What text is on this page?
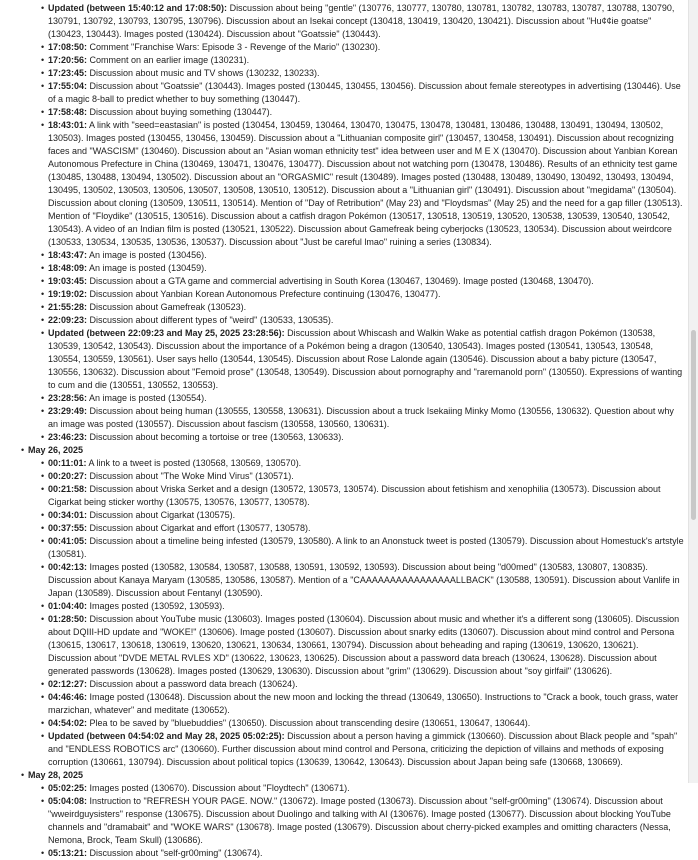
• Updated (between 15:40:12 and 17:08:50): Discussion about being "gentle" (130776, 130777, 130780, 130781, 130782, 130783, 130787, 130788, 130790, 130791, 130792, 130793, 130795, 130796). Discussion about an Isekai concept (130418, 130419, 130420, 130421). Discussion about "Hu¢¢ie goatse" (130423, 130443). Images posted (130424). Discussion about "Goatssie" (130443).
• 17:08:50: Comment "Franchise Wars: Episode 3 - Revenge of the Mario" (130230).
• 17:20:56: Comment on an earlier image (130231).
• 17:23:45: Discussion about music and TV shows (130232, 130233).
• 17:55:04: Discussion about "Goatssie" (130443). Images posted (130445, 130455, 130456). Discussion about female stereotypes in advertising (130446). Use of a magic 8-ball to predict whether to buy something (130447).
• 17:58:48: Discussion about buying something (130447).
• 18:43:01: A link with "seed=eastasian" is posted (130454, 130459, 130464, 130470, 130475, 130478, 130481, 130486, 130488, 130491, 130494, 130502, 130503). Images posted (130455, 130456, 130459). Discussion about a "Lithuanian composite girl" (130457, 130458, 130491). Discussion about recognizing faces and "WASCISM" (130460). Discussion about an "Asian woman ethnicity test" idea between user and M E X (130470). Discussion about Yanbian Korean Autonomous Prefecture in China (130469, 130471, 130476, 130477). Discussion about not watching porn (130478, 130486). Results of an ethnicity test game (130485, 130488, 130494, 130502). Discussion about an "ORGASMIC" result (130489). Images posted (130488, 130489, 130490, 130492, 130493, 130494, 130495, 130502, 130503, 130506, 130507, 130508, 130510, 130512). Discussion about a "Lithuanian girl" (130491). Discussion about "megidama" (130504). Discussion about cloning (130509, 130511, 130514). Mention of "Day of Retribution" (May 23) and "Floydsmas" (May 25) and the need for a gap filler (130513). Mention of "Floydike" (130515, 130516). Discussion about a catfish dragon Pokémon (130517, 130518, 130519, 130520, 130538, 130539, 130540, 130542, 130543). A video of an Indian film is posted (130521, 130522). Discussion about Gamefreak being cyberjocks (130523, 130534). Discussion about weirdcore (130533, 130534, 130535, 130536, 130537). Discussion about "Just be careful lmao" ruining a series (130834).
• 18:43:47: An image is posted (130456).
• 18:48:09: An image is posted (130459).
• 19:03:45: Discussion about a GTA game and commercial advertising in South Korea (130467, 130469). Image posted (130468, 130470).
• 19:19:02: Discussion about Yanbian Korean Autonomous Prefecture continuing (130476, 130477).
• 21:55:28: Discussion about Gamefreak (130523).
• 22:09:23: Discussion about different types of "weird" (130533, 130535).
• Updated (between 22:09:23 and May 25, 2025 23:28:56): Discussion about Whiscash and Walkin Wake as potential catfish dragon Pokémon (130538, 130539, 130542, 130543). Discussion about the importance of a Pokémon being a dragon (130540, 130543). Images posted (130541, 130543, 130548, 130554, 130559, 130561). User says hello (130544, 130545). Discussion about Rose Lalonde again (130546). Discussion about a baby picture (130547, 130556, 130632). Discussion about "Femoid prose" (130548, 130549). Discussion about pornography and "raremanold porn" (130550). Expressions of wanting to cum and die (130551, 130552, 130553).
• 23:28:56: An image is posted (130554).
• 23:29:49: Discussion about being human (130555, 130558, 130631). Discussion about a truck Isekaiing Minky Momo (130556, 130632). Question about why an image was posted (130557). Discussion about fascism (130558, 130560, 130631).
• 23:46:23: Discussion about becoming a tortoise or tree (130563, 130633).
• May 26, 2025
• 00:11:01: A link to a tweet is posted (130568, 130569, 130570).
• 00:20:27: Discussion about "The Woke Mind Virus" (130571).
• 00:21:58: Discussion about Vriska Serket and a design (130572, 130573, 130574). Discussion about fetishism and xenophilia (130573). Discussion about Cigarkat being sticker worthy (130575, 130576, 130577, 130578).
• 00:34:01: Discussion about Cigarkat (130575).
• 00:37:55: Discussion about Cigarkat and effort (130577, 130578).
• 00:41:05: Discussion about a timeline being infested (130579, 130580). A link to an Anonstuck tweet is posted (130579). Discussion about Homestuck's artstyle (130581).
• 00:42:13: Images posted (130582, 130584, 130587, 130588, 130591, 130592, 130593). Discussion about being "d00med" (130583, 130807, 130835). Discussion about Kanaya Maryam (130585, 130586, 130587). Mention of a "CAAAAAAAAAAAAAAAALLBACK" (130588, 130591). Discussion about Vanlife in Japan (130589). Discussion about Fentanyl (130590).
• 01:04:40: Images posted (130592, 130593).
• 01:28:50: Discussion about YouTube music (130603). Images posted (130604). Discussion about music and whether it's a different song (130605). Discussion about DQIII-HD update and "WOKE!" (130606). Image posted (130607). Discussion about snarky edits (130607). Discussion about mind control and Persona (130615, 130617, 130618, 130619, 130620, 130621, 130634, 130661, 130794). Discussion about beheading and raping (130619, 130620, 130621). Discussion about "DVDE METAL RVLES XD" (130622, 130623, 130625). Discussion about a password data breach (130624, 130628). Discussion about generated passwords (130628). Images posted (130629, 130630). Discussion about "grim" (130629). Discussion about "soy girlfail" (130626).
• 02:12:27: Discussion about a password data breach (130624).
• 04:46:46: Image posted (130648). Discussion about the new moon and locking the thread (130649, 130650). Instructions to "Crack a book, touch grass, water marzichan, whatever" and meditate (130652).
• 04:54:02: Plea to be saved by "bluebuddies" (130650). Discussion about transcending desire (130651, 130647, 130644).
• Updated (between 04:54:02 and May 28, 2025 05:02:25): Discussion about a person having a gimmick (130660). Discussion about Black people and "spah" and "ENDLESS ROBOTICS arc" (130660). Further discussion about mind control and Persona, criticizing the depiction of villains and methods of exposing corruption (130661, 130794). Discussion about political topics (130639, 130642, 130643). Discussion about Japan being safe (130668, 130669).
• May 28, 2025
• 05:02:25: Images posted (130670). Discussion about "Floydtech" (130671).
• 05:04:08: Instruction to "REFRESH YOUR PAGE. NOW." (130672). Image posted (130673). Discussion about "self-gr00ming" (130674). Discussion about "wweirdguysisters" response (130675). Discussion about Duolingo and talking with AI (130676). Image posted (130677). Discussion about blocking YouTube channels and "dramabait" and "WOKE WARS" (130678). Image posted (130679). Discussion about cherry-picked examples and omitting characters (Nessa, Nemona, Brock, Team Skull) (130686).
• 05:13:21: Discussion about "self-gr00ming" (130674).
